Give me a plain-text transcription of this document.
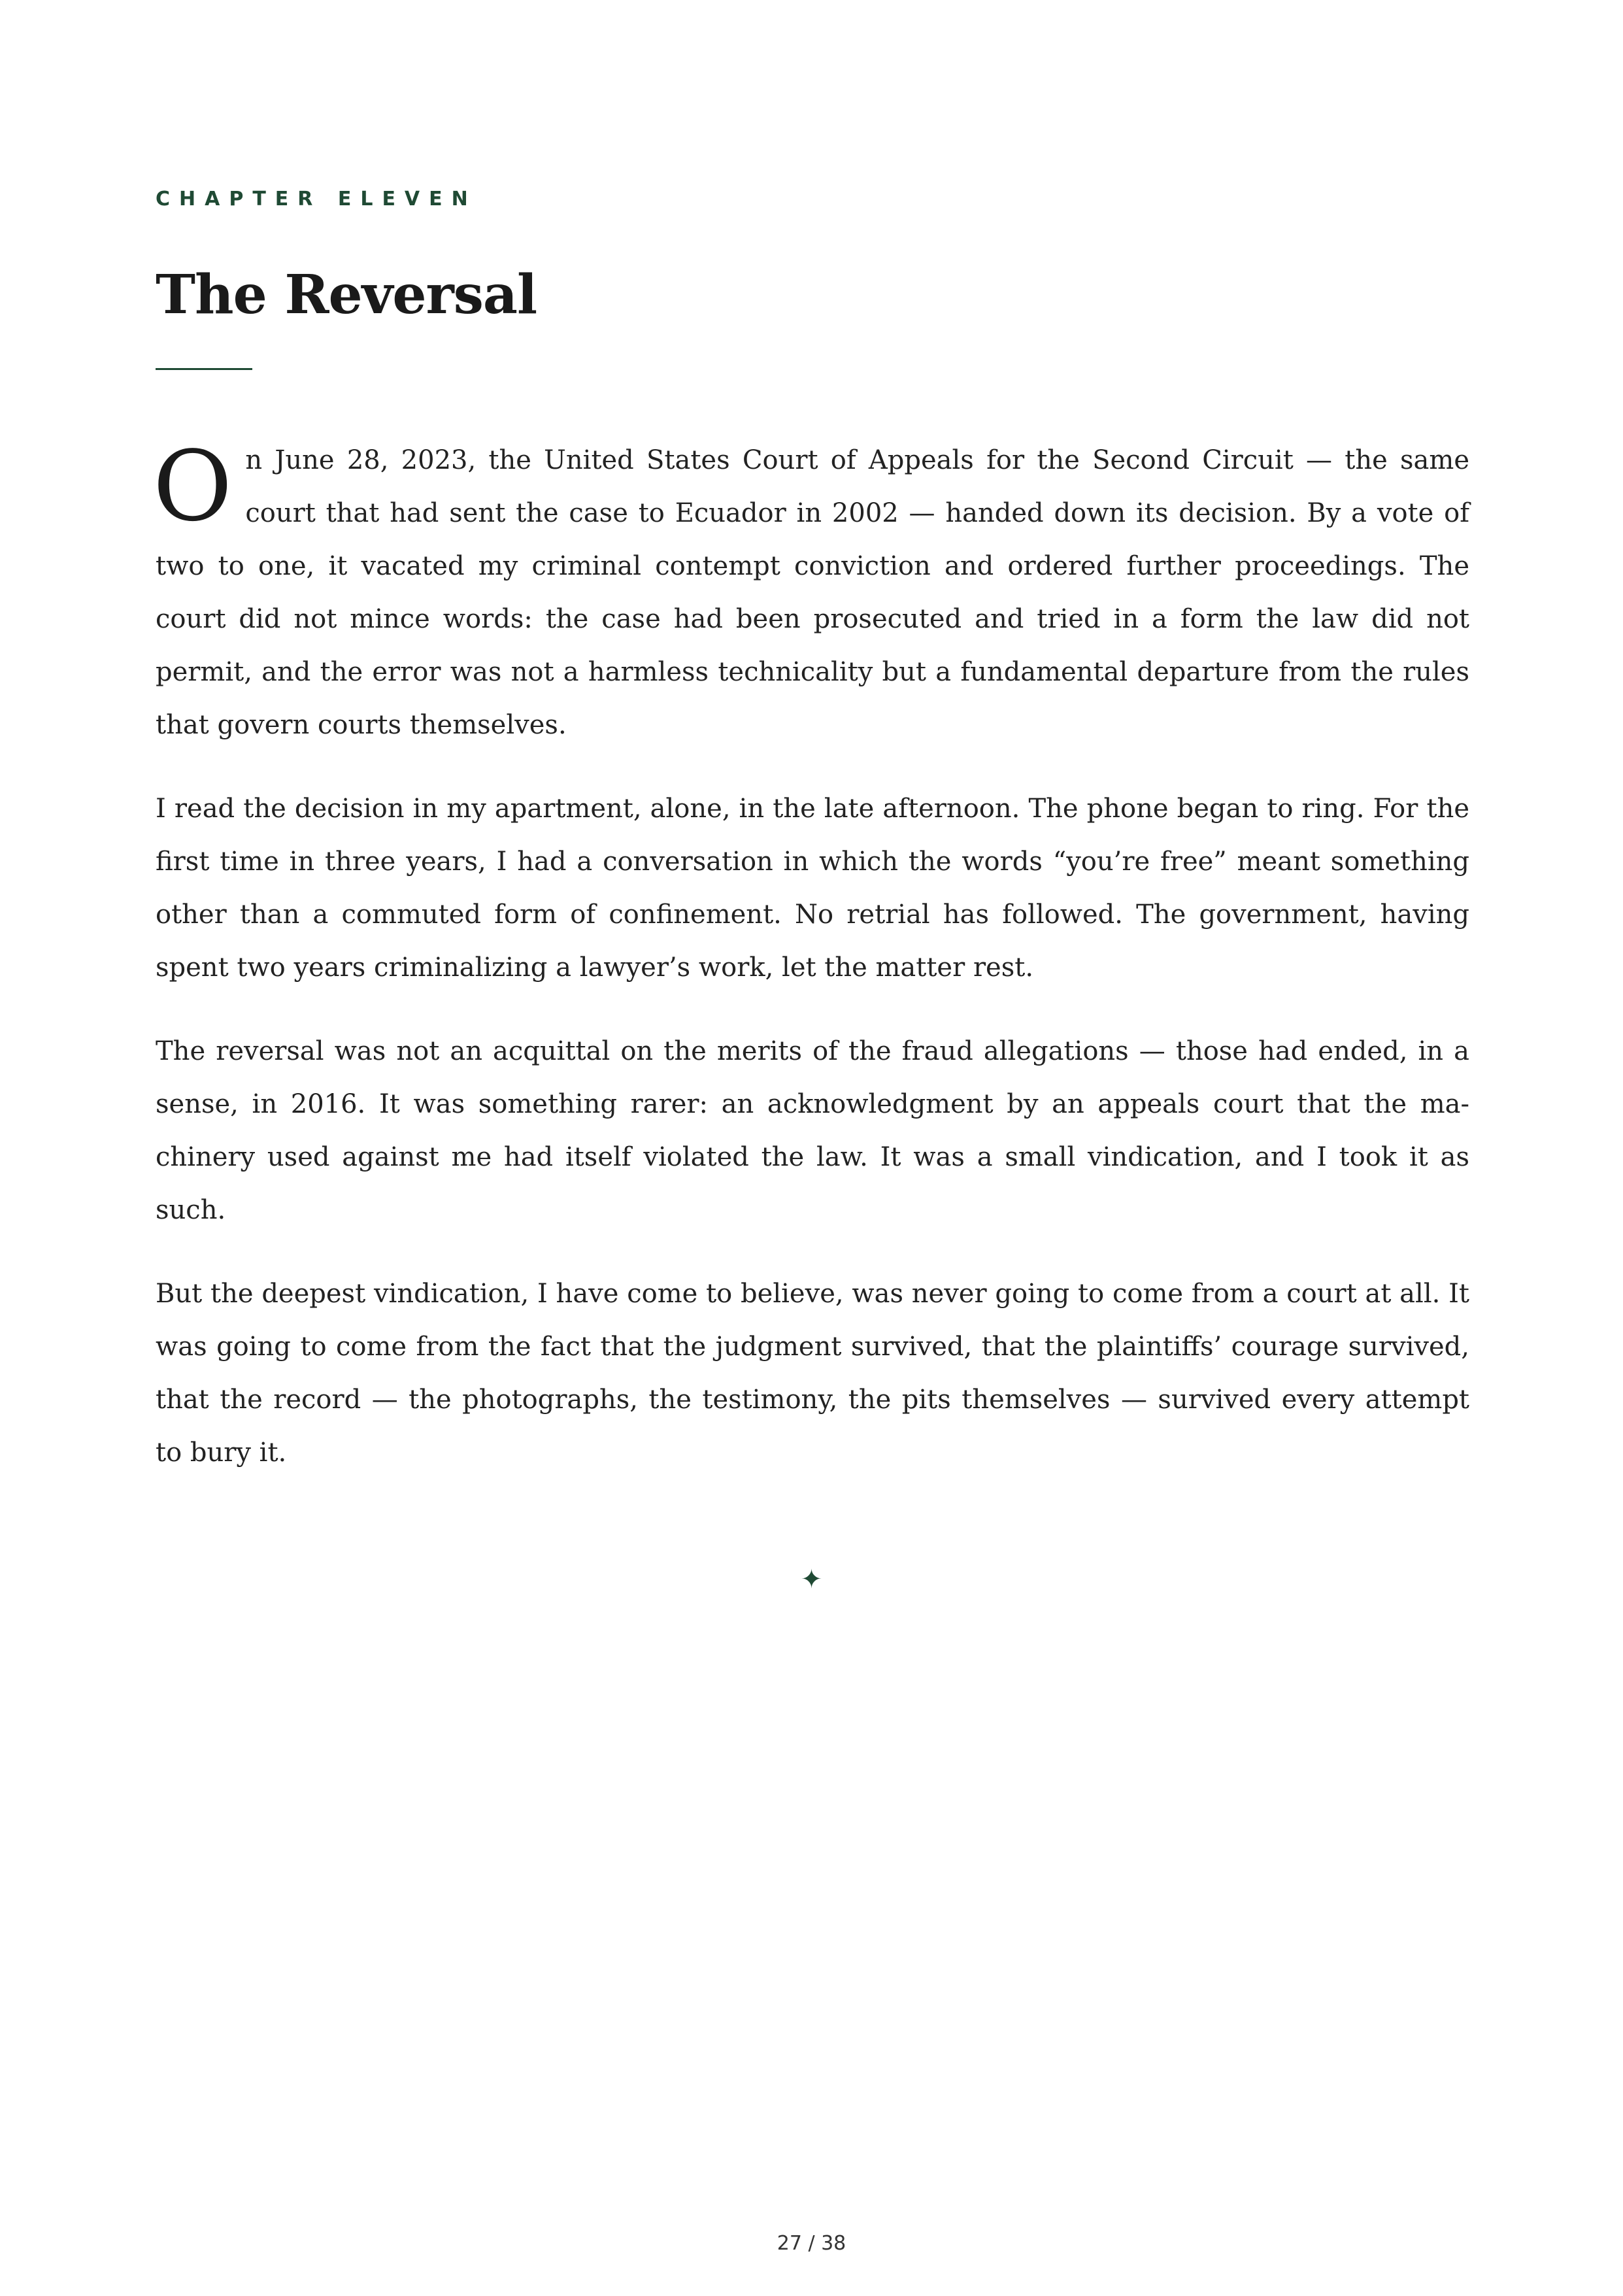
CHAPTER ELEVEN
The Reversal

On June 28, 2023, the United States Court of Appeals for the Second Circuit — the same court that had sent the case to Ecuador in 2002 — handed down its decision. By a vote of two to one, it vacated my criminal contempt conviction and ordered further proceedings. The court did not mince words: the case had been prosecuted and tried in a form the law did not permit, and the error was not a harmless technicality but a fundamental departure from the rules that govern courts themselves.

I read the decision in my apartment, alone, in the late afternoon. The phone began to ring. For the first time in three years, I had a conversation in which the words “you’re free” meant something other than a commuted form of confinement. No retrial has followed. The government, having spent two years criminalizing a lawyer’s work, let the matter rest.

The reversal was not an acquittal on the merits of the fraud allegations — those had ended, in a sense, in 2016. It was something rarer: an acknowledgment by an appeals court that the machinery used against me had itself violated the law. It was a small vindication, and I took it as such.

But the deepest vindication, I have come to believe, was never going to come from a court at all. It was going to come from the fact that the judgment survived, that the plaintiffs’ courage survived, that the record — the photographs, the testimony, the pits themselves — survived every attempt to bury it.

✦
27 / 38
